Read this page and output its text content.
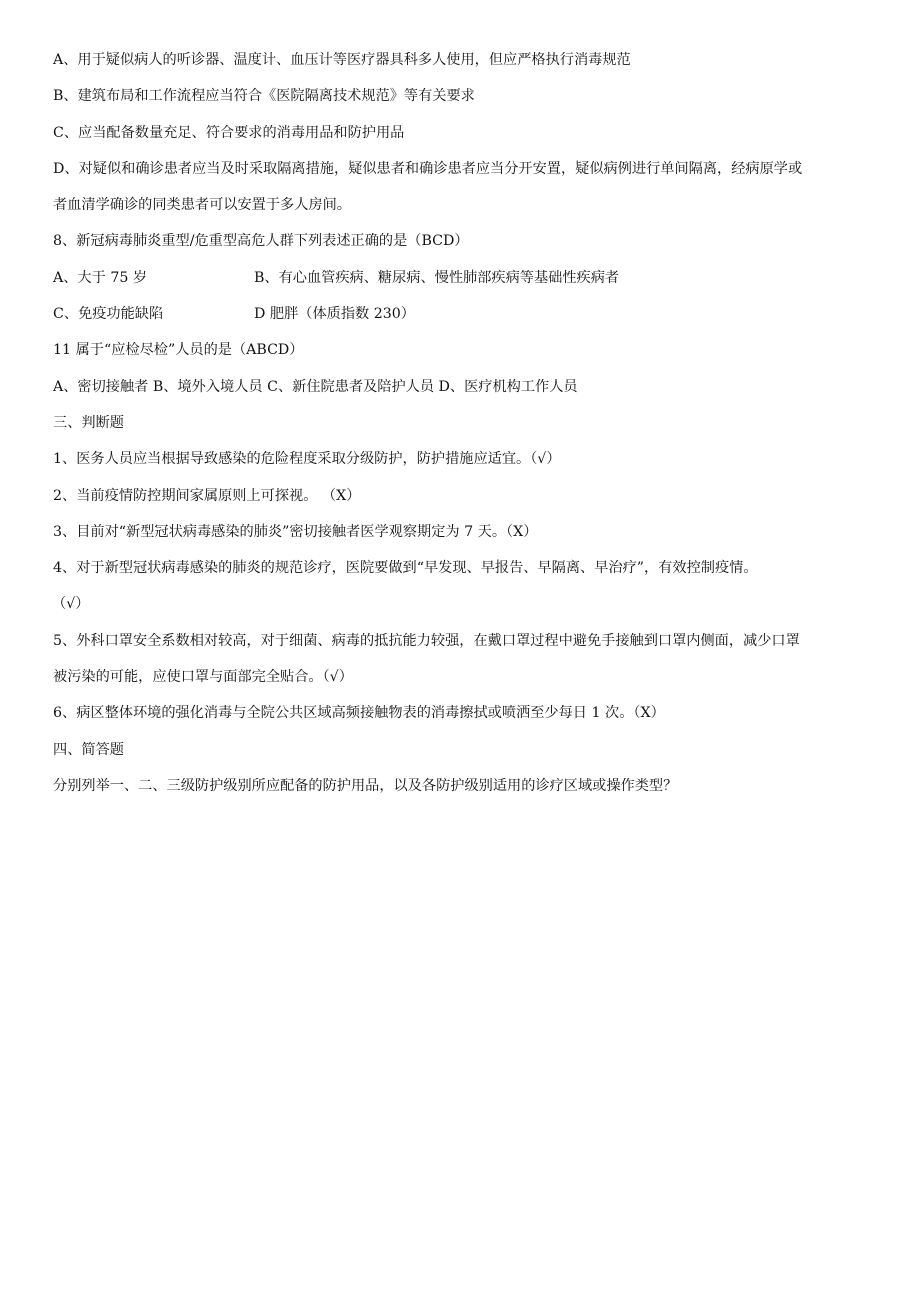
A、用于疑似病人的听诊器、温度计、血压计等医疗器具科多人使用，但应严格执行消毒规范
B、建筑布局和工作流程应当符合《医院隔离技术规范》等有关要求
C、应当配备数量充足、符合要求的消毒用品和防护用品
D、对疑似和确诊患者应当及时采取隔离措施，疑似患者和确诊患者应当分开安置，疑似病例进行单间隔离，经病原学或
者血清学确诊的同类患者可以安置于多人房间。
8、新冠病毒肺炎重型/危重型高危人群下列表述正确的是（BCD）
A、大于 75 岁	B、有心血管疾病、糖尿病、慢性肺部疾病等基础性疾病者
C、免疫功能缺陷	D 肥胖（体质指数 230）
11 属于“应检尽检”人员的是（ABCD）
A、密切接触者 B、境外入境人员 C、新住院患者及陪护人员 D、医疗机构工作人员
三、判断题
1、医务人员应当根据导致感染的危险程度采取分级防护，防护措施应适宜。（√）
2、当前疫情防控期间家属原则上可探视。 （X）
3、目前对“新型冠状病毒感染的肺炎”密切接触者医学观察期定为 7 天。（X）
4、对于新型冠状病毒感染的肺炎的规范诊疗，医院要做到“早发现、早报告、早隔离、早治疗”，有效控制疫情。
（√）
5、外科口罩安全系数相对较高，对于细菌、病毒的抵抗能力较强，在戴口罩过程中避免手接触到口罩内侧面，减少口罩
被污染的可能，应使口罩与面部完全贴合。（√）
6、病区整体环境的强化消毒与全院公共区域高频接触物表的消毒擦拭或喷洒至少每日 1 次。（X）
四、简答题
分别列举一、二、三级防护级别所应配备的防护用品，以及各防护级别适用的诊疗区域或操作类型？
